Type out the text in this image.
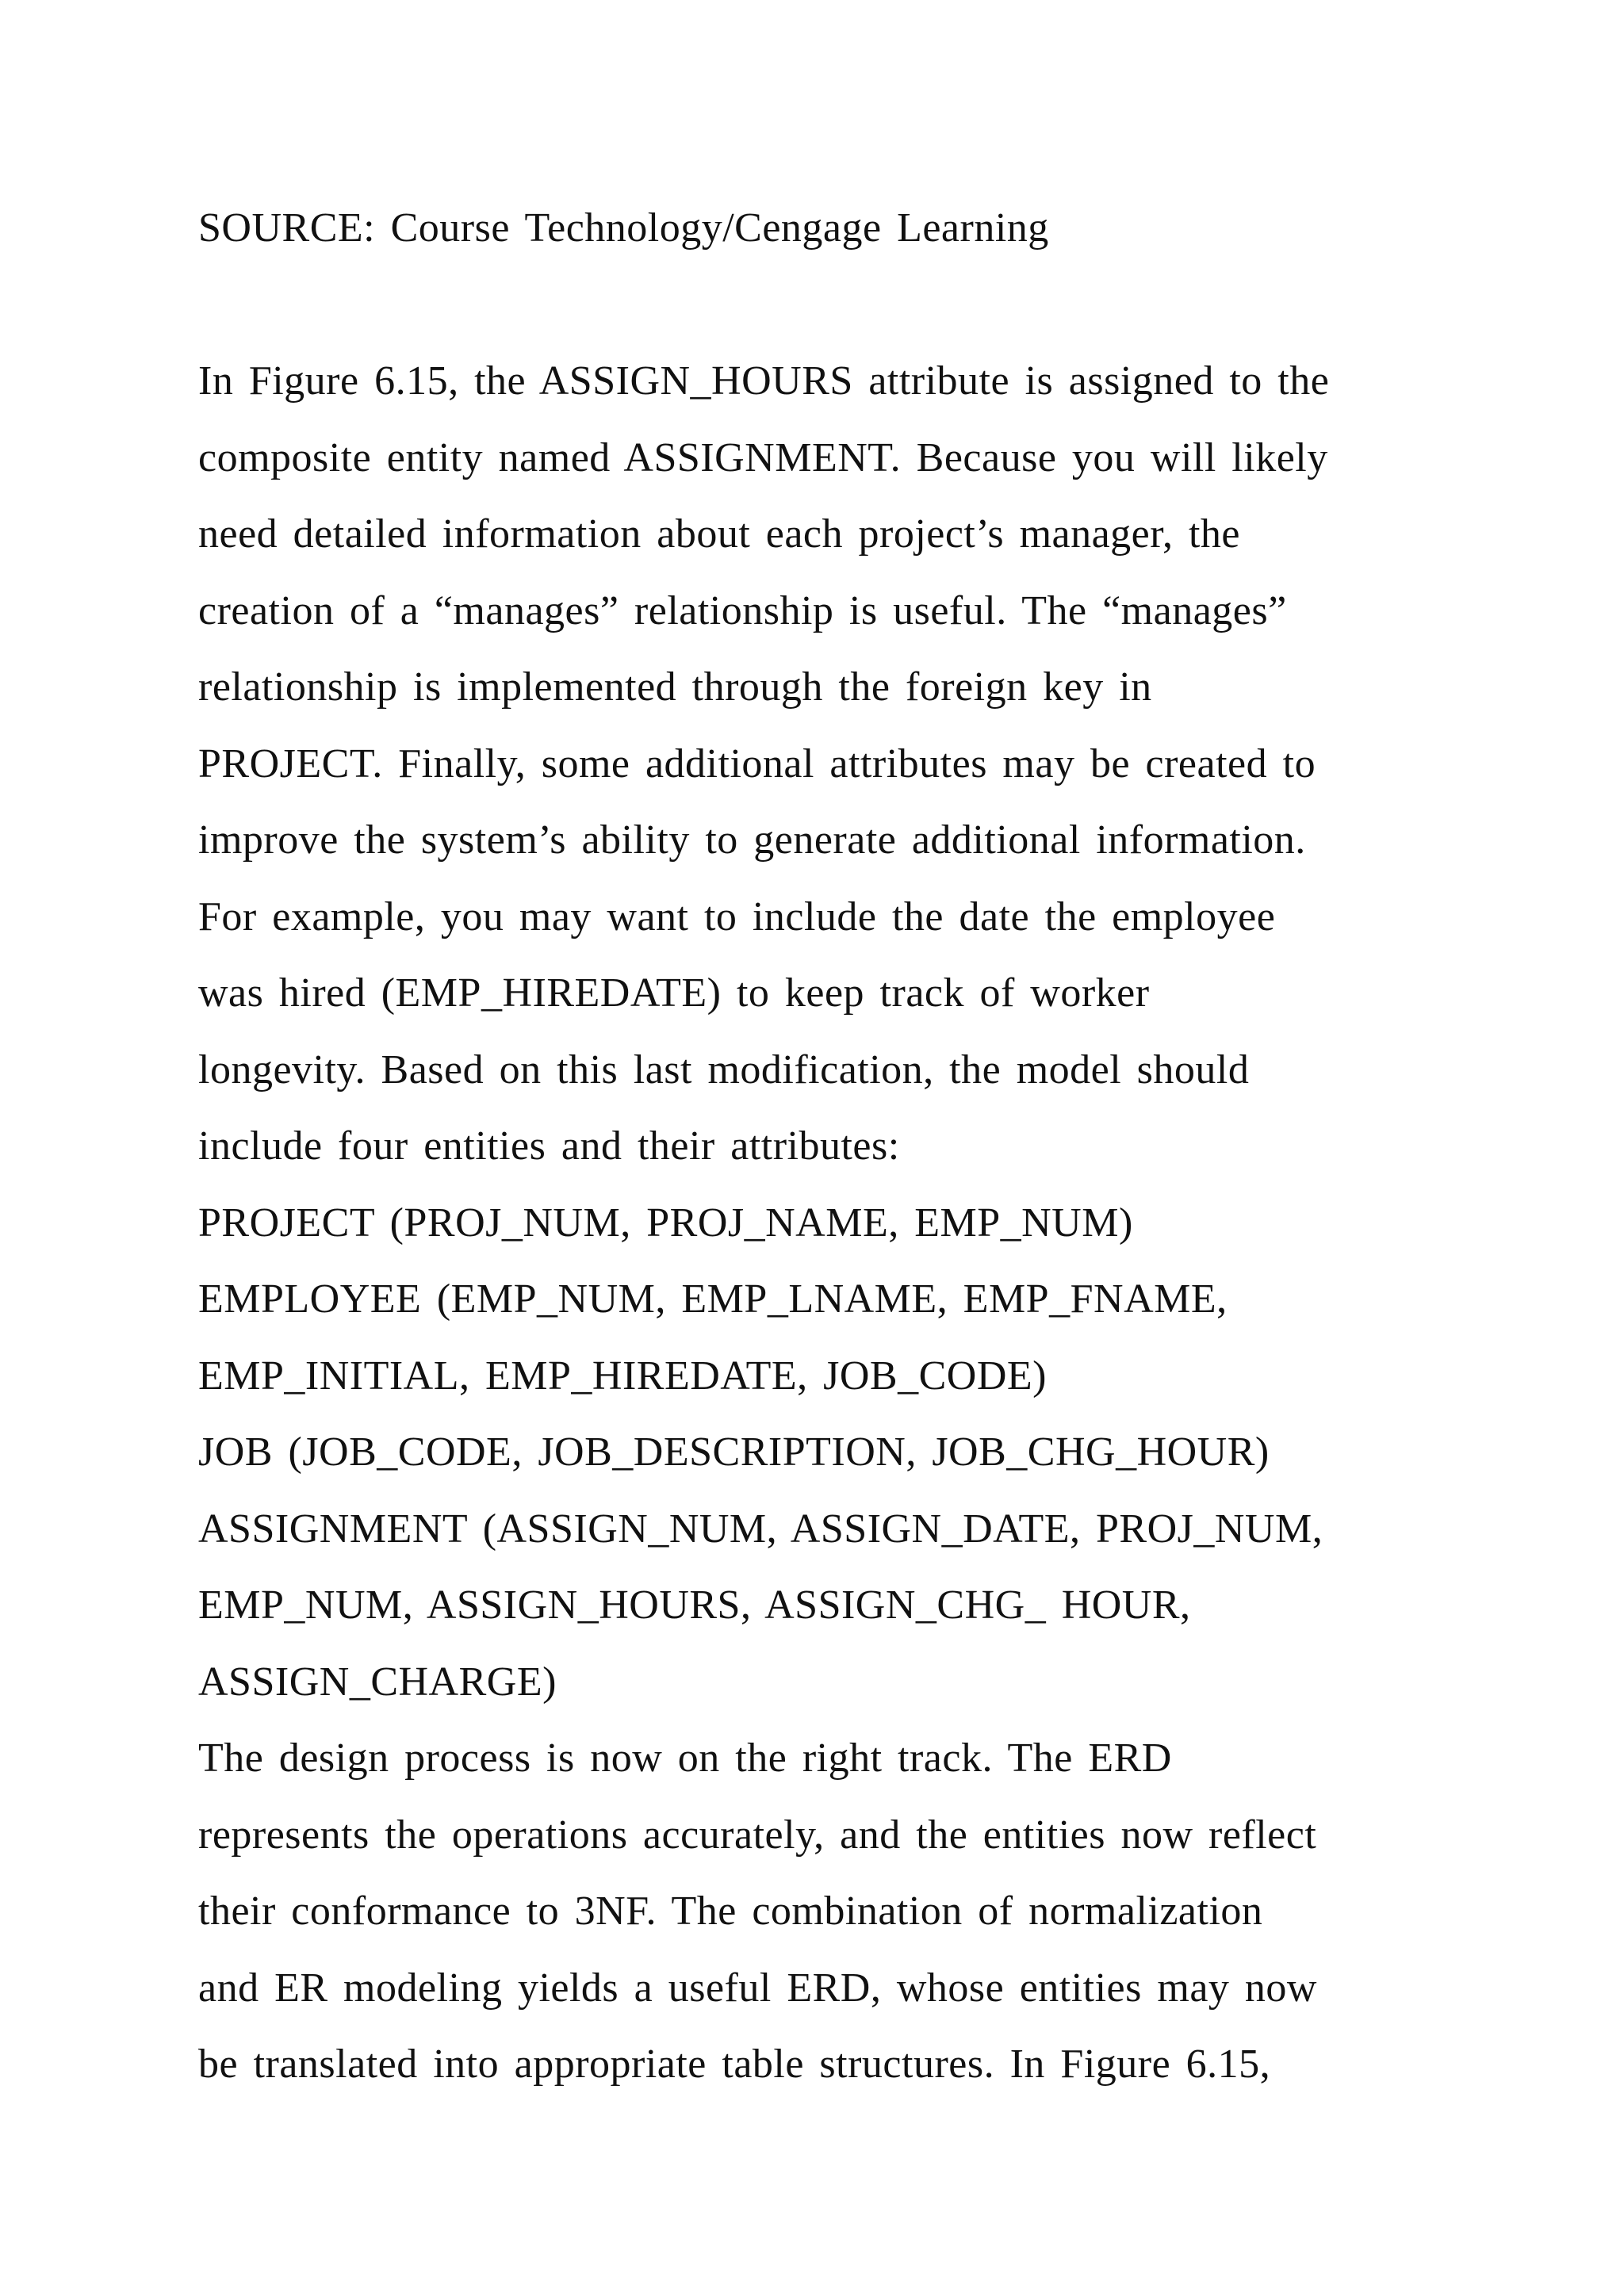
SOURCE: Course Technology/Cengage Learning
In Figure 6.15, the ASSIGN_HOURS attribute is assigned to the
composite entity named ASSIGNMENT. Because you will likely
need detailed information about each project’s manager, the
creation of a “manages” relationship is useful. The “manages”
relationship is implemented through the foreign key in
PROJECT. Finally, some additional attributes may be created to
improve the system’s ability to generate additional information.
For example, you may want to include the date the employee
was hired (EMP_HIREDATE) to keep track of worker
longevity. Based on this last modification, the model should
include four entities and their attributes:
PROJECT (PROJ_NUM, PROJ_NAME, EMP_NUM)
EMPLOYEE (EMP_NUM, EMP_LNAME, EMP_FNAME,
EMP_INITIAL, EMP_HIREDATE, JOB_CODE)
JOB (JOB_CODE, JOB_DESCRIPTION, JOB_CHG_HOUR)
ASSIGNMENT (ASSIGN_NUM, ASSIGN_DATE, PROJ_NUM,
EMP_NUM, ASSIGN_HOURS, ASSIGN_CHG_ HOUR,
ASSIGN_CHARGE)
The design process is now on the right track. The ERD
represents the operations accurately, and the entities now reflect
their conformance to 3NF. The combination of normalization
and ER modeling yields a useful ERD, whose entities may now
be translated into appropriate table structures. In Figure 6.15,
